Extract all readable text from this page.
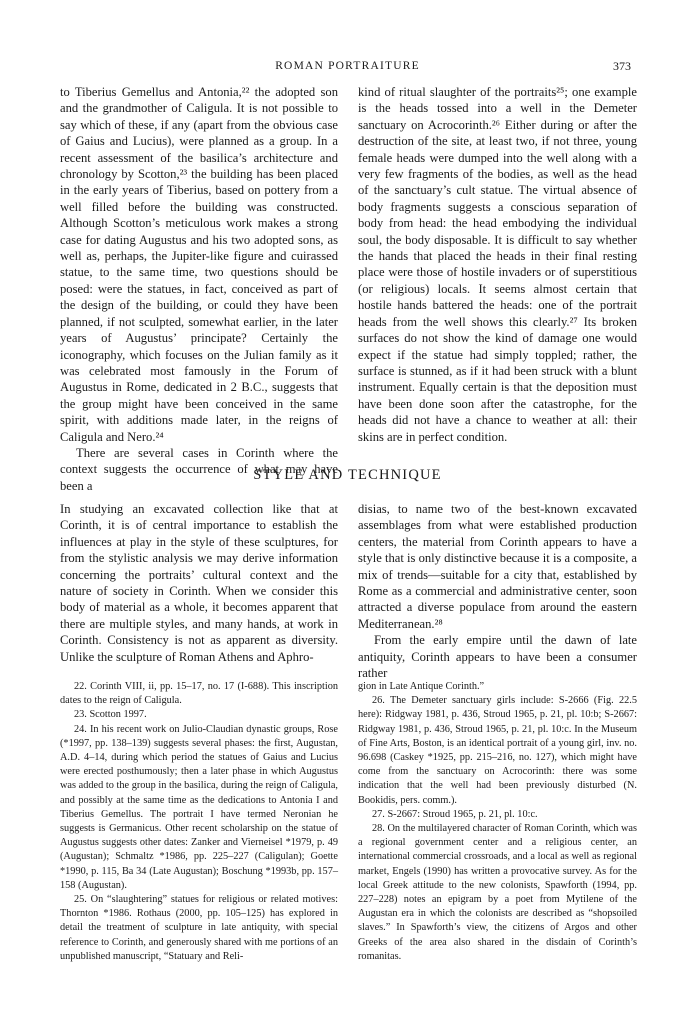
ROMAN PORTRAITURE	373

to Tiberius Gemellus and Antonia,²² the adopted son and the grandmother of Caligula. It is not possible to say which of these, if any (apart from the obvious case of Gaius and Lucius), were planned as a group. In a recent assessment of the basilica’s architecture and chronology by Scotton,²³ the building has been placed in the early years of Tiberius, based on pottery from a well filled before the building was constructed. Although Scotton’s meticulous work makes a strong case for dating Augustus and his two adopted sons, as well as, perhaps, the Jupiter-like figure and cuirassed statue, to the same time, two questions should be posed: were the statues, in fact, conceived as part of the design of the building, or could they have been planned, if not sculpted, somewhat earlier, in the later years of Augustus’ principate? Certainly the iconography, which focuses on the Julian family as it was celebrated most famously in the Forum of Augustus in Rome, dedicated in 2 B.C., suggests that the group might have been conceived in the same spirit, with additions made later, in the reigns of Caligula and Nero.²⁴

There are several cases in Corinth where the context suggests the occurrence of what may have been a

kind of ritual slaughter of the portraits²⁵; one example is the heads tossed into a well in the Demeter sanctuary on Acrocorinth.²⁶ Either during or after the destruction of the site, at least two, if not three, young female heads were dumped into the well along with a very few fragments of the bodies, as well as the head of the sanctuary’s cult statue. The virtual absence of body fragments suggests a conscious separation of body from head: the head embodying the individual soul, the body disposable. It is difficult to say whether the hands that placed the heads in their final resting place were those of hostile invaders or of superstitious (or religious) locals. It seems almost certain that hostile hands battered the heads: one of the portrait heads from the well shows this clearly.²⁷ Its broken surfaces do not show the kind of damage one would expect if the statue had simply toppled; rather, the surface is stunned, as if it had been struck with a blunt instrument. Equally certain is that the deposition must have been done soon after the catastrophe, for the heads did not have a chance to weather at all: their skins are in perfect condition.

STYLE AND TECHNIQUE

In studying an excavated collection like that at Corinth, it is of central importance to establish the influences at play in the style of these sculptures, for from the stylistic analysis we may derive information concerning the portraits’ cultural context and the nature of society in Corinth. When we consider this body of material as a whole, it becomes apparent that there are multiple styles, and many hands, at work in Corinth. Consistency is not as apparent as diversity. Unlike the sculpture of Roman Athens and Aphro-

disias, to name two of the best-known excavated assemblages from what were established production centers, the material from Corinth appears to have a style that is only distinctive because it is a composite, a mix of trends—suitable for a city that, established by Rome as a commercial and administrative center, soon attracted a diverse populace from around the eastern Mediterranean.²⁸

From the early empire until the dawn of late antiquity, Corinth appears to have been a consumer rather

22. Corinth VIII, ii, pp. 15–17, no. 17 (I-688). This inscription dates to the reign of Caligula.

23. Scotton 1997.

24. In his recent work on Julio-Claudian dynastic groups, Rose (*1997, pp. 138–139) suggests several phases: the first, Augustan, A.D. 4–14, during which period the statues of Gaius and Lucius were erected posthumously; then a later phase in which Augustus was added to the group in the basilica, during the reign of Caligula, and possibly at the same time as the dedications to Antonia I and Tiberius Gemellus. The portrait I have termed Neronian he suggests is Germanicus. Other recent scholarship on the statue of Augustus suggests other dates: Zanker and Vierneisel *1979, p. 49 (Augustan); Schmaltz *1986, pp. 225–227 (Caligulan); Goette *1990, p. 115, Ba 34 (Late Augustan); Boschung *1993b, pp. 157–158 (Augustan).

25. On “slaughtering” statues for religious or related motives: Thornton *1986. Rothaus (2000, pp. 105–125) has explored in detail the treatment of sculpture in late antiquity, with special reference to Corinth, and generously shared with me portions of an unpublished manuscript, “Statuary and Reli-

gion in Late Antique Corinth.”

26. The Demeter sanctuary girls include: S-2666 (Fig. 22.5 here): Ridgway 1981, p. 436, Stroud 1965, p. 21, pl. 10:b; S-2667: Ridgway 1981, p. 436, Stroud 1965, p. 21, pl. 10:c. In the Museum of Fine Arts, Boston, is an identical portrait of a young girl, inv. no. 96.698 (Caskey *1925, pp. 215–216, no. 127), which might have come from the sanctuary on Acrocorinth: there was some indication that the well had been previously disturbed (N. Bookidis, pers. comm.).

27. S-2667: Stroud 1965, p. 21, pl. 10:c.

28. On the multilayered character of Roman Corinth, which was a regional government center and a religious center, an international commercial crossroads, and a local as well as regional market, Engels (1990) has written a provocative survey. As for the local Greek attitude to the new colonists, Spawforth (1994, pp. 227–228) notes an epigram by a poet from Mytilene of the Augustan era in which the colonists are described as “shopsoiled slaves.” In Spawforth’s view, the citizens of Argos and other Greeks of the area also shared in the disdain of Corinth’s romanitas.
